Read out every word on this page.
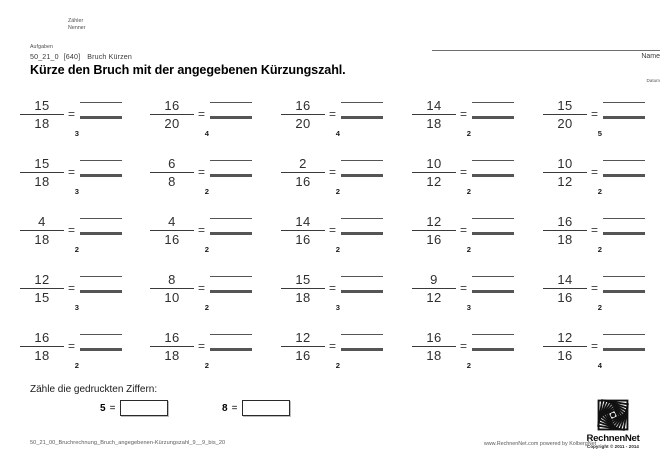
Zähler
Nenner
Aufgaben
50_21_0 [640] Bruch Kürzen
Kürze den Bruch mit der angegebenen Kürzungszahl.
Name
Datum
15
18
=
3
16
20
=
4
16
20
=
4
14
18
=
2
15
20
=
5
15
18
=
3
6
8
=
2
2
16
=
2
10
12
=
2
10
12
=
2
4
18
=
2
4
16
=
2
14
16
=
2
12
16
=
2
16
18
=
2
12
15
=
3
8
10
=
2
15
18
=
3
9
12
=
3
14
16
=
2
16
18
=
2
16
18
=
2
12
16
=
2
16
18
=
2
12
16
=
4
Zähle die gedruckten Ziffern:
5 =	8 =
50_21_00_Bruchrechnung_Bruch_angegebenen-Kürzungszahl_9__9_bis_20	www.RechnenNet.com powered by KolbergNet
RechnenNet
Copyright © 2011 - 2014
